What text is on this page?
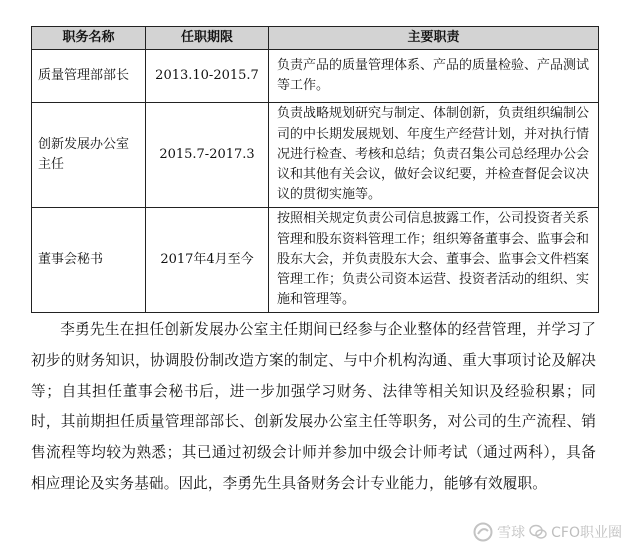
职务名称	任职期限	主要职责
质量管理部部长	2013.10-2015.7	负责产品的质量管理体系、产品的质量检验、产品测试等工作。
创新发展办公室主任	2015.7-2017.3	负责战略规划研究与制定、体制创新，负责组织编制公司的中长期发展规划、年度生产经营计划，并对执行情况进行检查、考核和总结；负责召集公司总经理办公会议和其他有关会议，做好会议纪要，并检查督促会议决议的贯彻实施等。
董事会秘书	2017年4月至今	按照相关规定负责公司信息披露工作，公司投资者关系管理和股东资料管理工作；组织筹备董事会、监事会和股东大会，并负责股东大会、董事会、监事会文件档案管理工作；负责公司资本运营、投资者活动的组织、实施和管理等。

李勇先生在担任创新发展办公室主任期间已经参与企业整体的经营管理，并学习了初步的财务知识，协调股份制改造方案的制定、与中介机构沟通、重大事项讨论及解决等；自其担任董事会秘书后，进一步加强学习财务、法律等相关知识及经验积累；同时，其前期担任质量管理部部长、创新发展办公室主任等职务，对公司的生产流程、销售流程等均较为熟悉；其已通过初级会计师并参加中级会计师考试（通过两科），具备相应理论及实务基础。因此，李勇先生具备财务会计专业能力，能够有效履职。

雪球 CFO职业圈
